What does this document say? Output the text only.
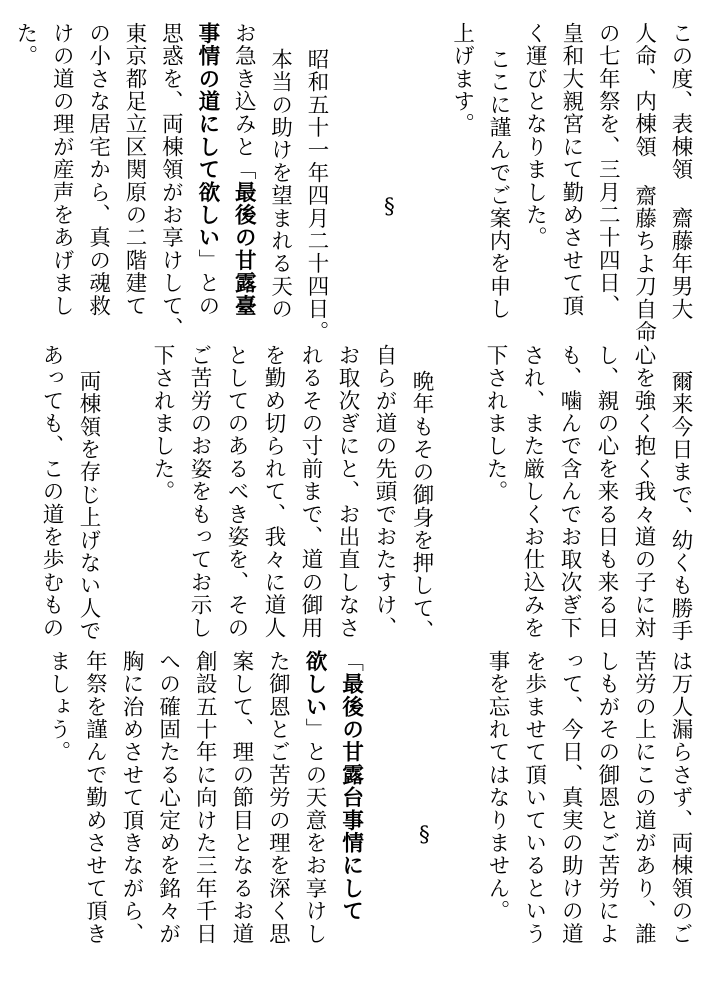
この度、表棟領 齋藤年男大
人命、内棟領 齋藤ちよ刀自命
の七年祭を、三月二十四日、
皇和大親宮にて勤めさせて頂
く運びとなりました。
ここに謹んでご案内を申し
上げます。
§
昭和五十一年四月二十四日。
本当の助けを望まれる天の
お急き込みと「最後の甘露臺
事情の道にして欲しい」との
思惑を、両棟領がお享けして、
東京都足立区関原の二階建て
の小さな居宅から、真の魂救
けの道の理が産声をあげまし
た。
爾来今日まで、幼くも勝手
心を強く抱く我々道の子に対
し、親の心を来る日も来る日
も、噛んで含んでお取次ぎ下
され、また厳しくお仕込みを
下されました。
晩年もその御身を押して、
自らが道の先頭でおたすけ、
お取次ぎにと、お出直しなさ
れるその寸前まで、道の御用
を勤め切られて、我々に道人
としてのあるべき姿を、その
ご苦労のお姿をもってお示し
下されました。
両棟領を存じ上げない人で
あっても、この道を歩むもの
は万人漏らさず、両棟領のご
苦労の上にこの道があり、誰
しもがその御恩とご苦労によ
って、今日、真実の助けの道
を歩ませて頂いているという
事を忘れてはなりません。
§
「最後の甘露台事情にして
欲しい」との天意をお享けし
た御恩とご苦労の理を深く思
案して、理の節目となるお道
創設五十年に向けた三年千日
への確固たる心定めを銘々が
胸に治めさせて頂きながら、
年祭を謹んで勤めさせて頂き
ましょう。
